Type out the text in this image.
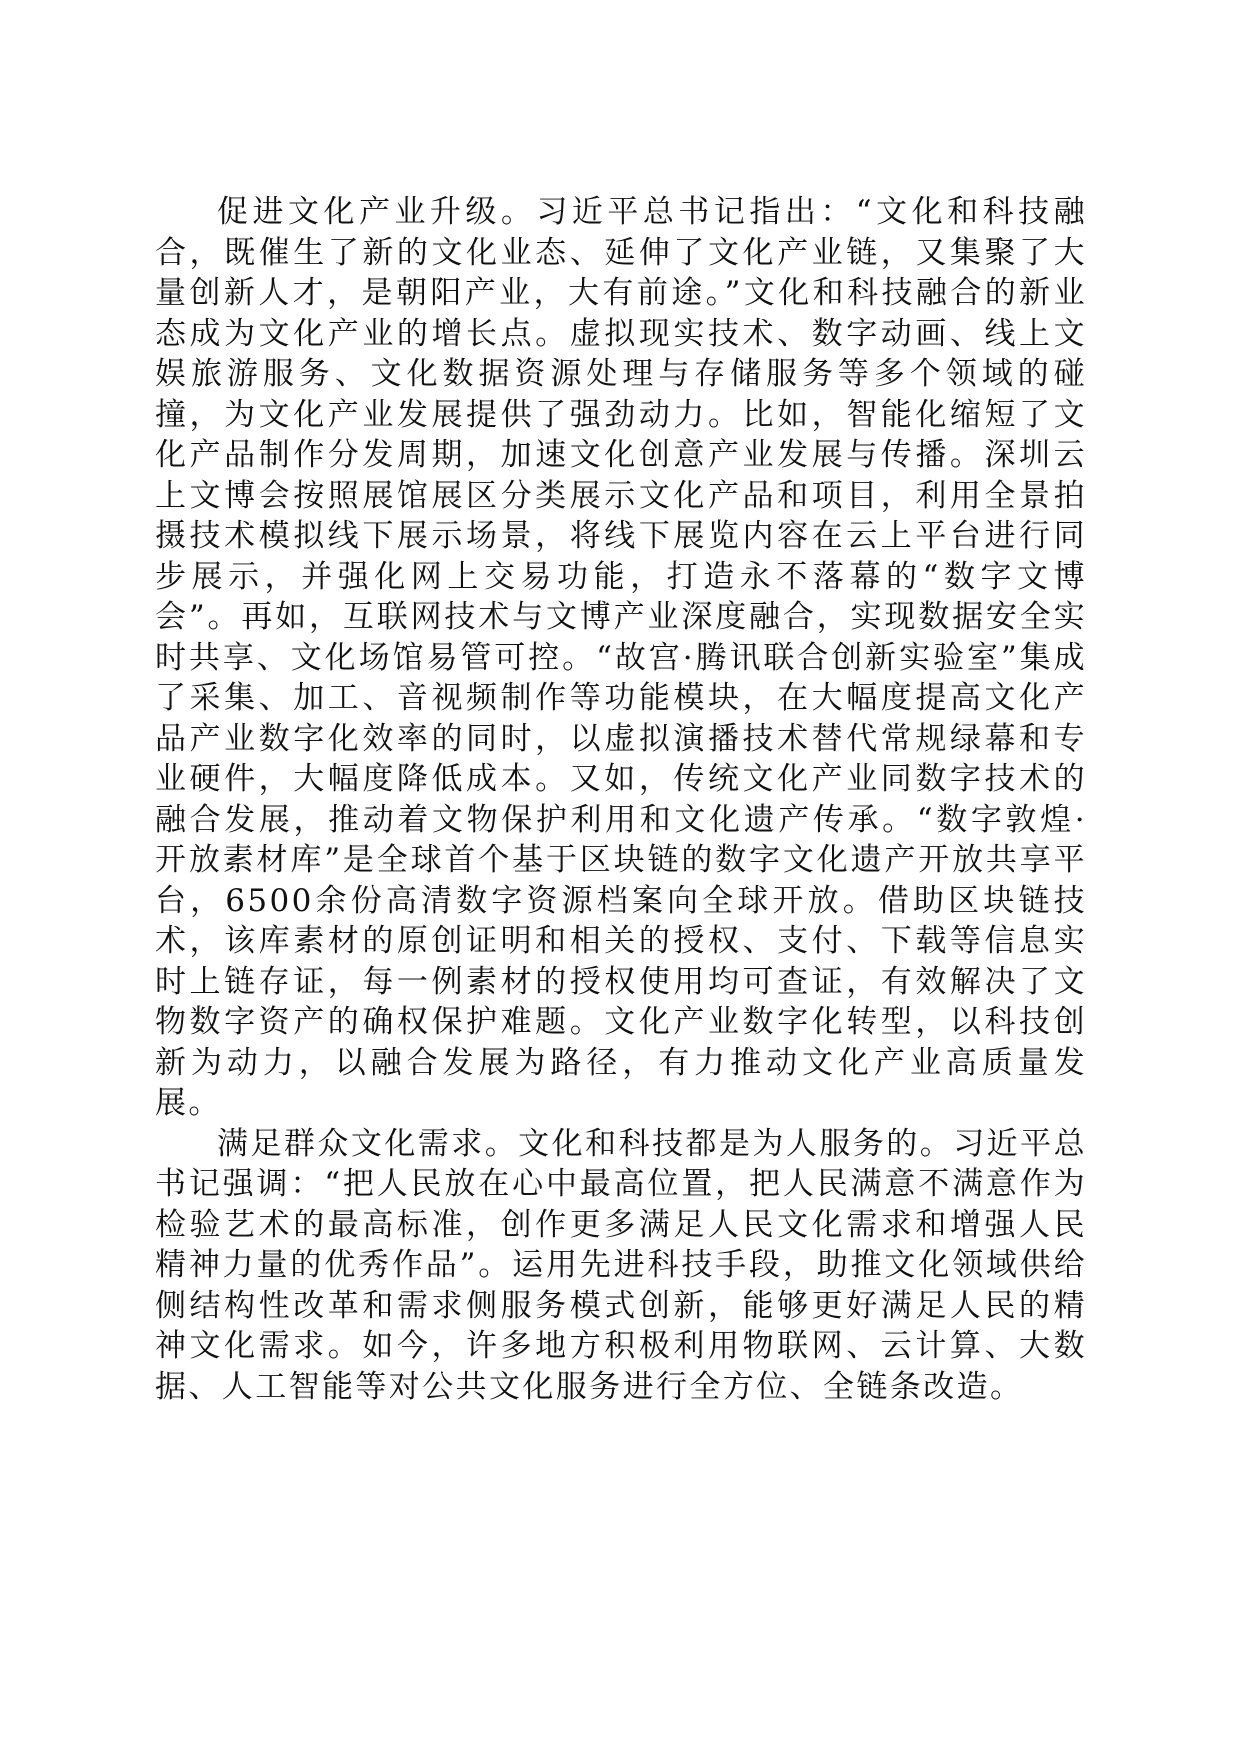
促进文化产业升级。习近平总书记指出：“文化和科技融合，既催生了新的文化业态、延伸了文化产业链，又集聚了大量创新人才，是朝阳产业，大有前途。”文化和科技融合的新业态成为文化产业的增长点。虚拟现实技术、数字动画、线上文娱旅游服务、文化数据资源处理与存储服务等多个领域的碰撞，为文化产业发展提供了强劲动力。比如，智能化缩短了文化产品制作分发周期，加速文化创意产业发展与传播。深圳云上文博会按照展馆展区分类展示文化产品和项目，利用全景拍摄技术模拟线下展示场景，将线下展览内容在云上平台进行同步展示，并强化网上交易功能，打造永不落幕的“数字文博会”。再如，互联网技术与文博产业深度融合，实现数据安全实时共享、文化场馆易管可控。“故宫·腾讯联合创新实验室”集成了采集、加工、音视频制作等功能模块，在大幅度提高文化产品产业数字化效率的同时，以虚拟演播技术替代常规绿幕和专业硬件，大幅度降低成本。又如，传统文化产业同数字技术的融合发展，推动着文物保护利用和文化遗产传承。“数字敦煌·开放素材库”是全球首个基于区块链的数字文化遗产开放共享平台，6500余份高清数字资源档案向全球开放。借助区块链技术，该库素材的原创证明和相关的授权、支付、下载等信息实时上链存证，每一例素材的授权使用均可查证，有效解决了文物数字资产的确权保护难题。文化产业数字化转型，以科技创新为动力，以融合发展为路径，有力推动文化产业高质量发展。

满足群众文化需求。文化和科技都是为人服务的。习近平总书记强调：“把人民放在心中最高位置，把人民满意不满意作为检验艺术的最高标准，创作更多满足人民文化需求和增强人民精神力量的优秀作品”。运用先进科技手段，助推文化领域供给侧结构性改革和需求侧服务模式创新，能够更好满足人民的精神文化需求。如今，许多地方积极利用物联网、云计算、大数据、人工智能等对公共文化服务进行全方位、全链条改造。
